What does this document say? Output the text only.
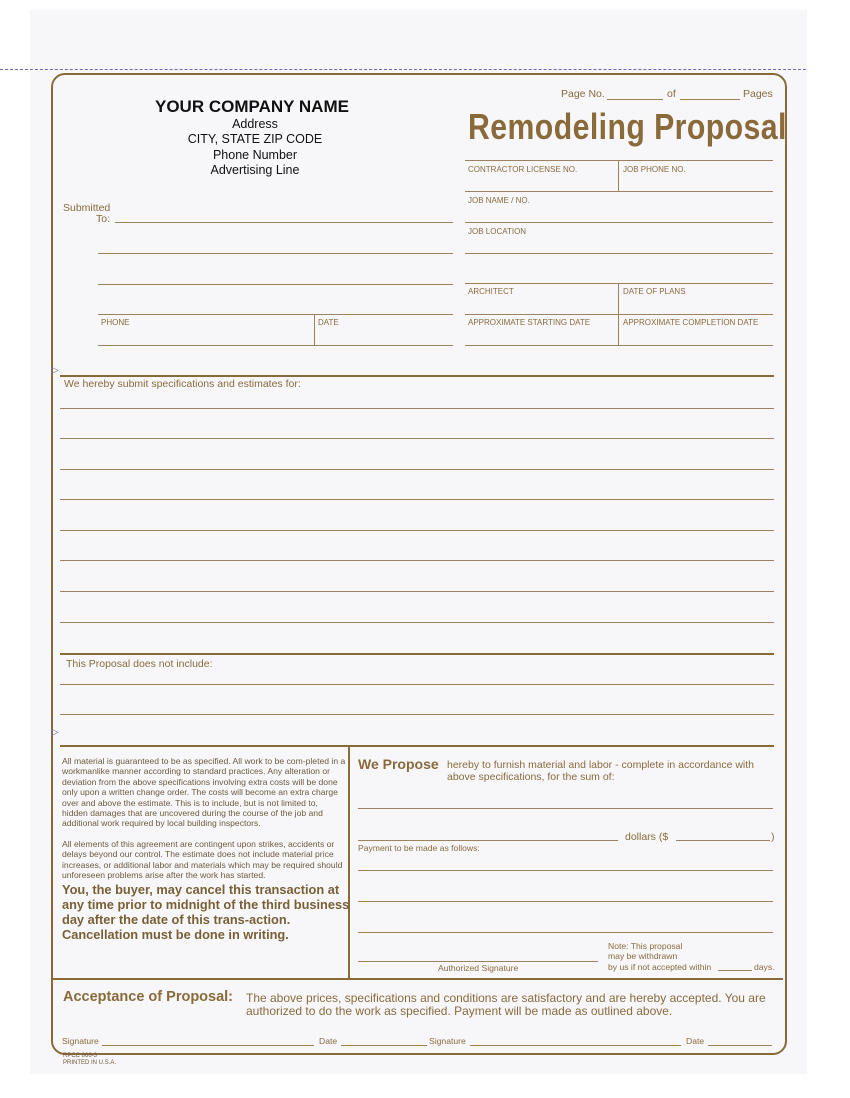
YOUR COMPANY NAME
Address
CITY, STATE ZIP CODE
Phone Number
Advertising Line
Page No.	of	Pages
Remodeling Proposal
CONTRACTOR LICENSE NO.	JOB PHONE NO.
JOB NAME / NO.
JOB LOCATION
ARCHITECT	DATE OF PLANS
APPROXIMATE STARTING DATE	APPROXIMATE COMPLETION DATE
Submitted
To:
PHONE	DATE
▷
We hereby submit specifications and estimates for:
This Proposal does not include:
▷
All material is guaranteed to be as specified. All work to be com-pleted in a workmanlike manner according to standard practices. Any alteration or deviation from the above specifications involving extra costs will be done only upon a written change order. The costs will become an extra charge over and above the estimate. This is to include, but is not limited to, hidden damages that are uncovered during the course of the job and additional work required by local building inspectors.
All elements of this agreement are contingent upon strikes, accidents or delays beyond our control. The estimate does not include material price increases, or additional labor and materials which may be required should unforeseen problems arise after the work has started.
You, the buyer, may cancel this transaction at any time prior to midnight of the third business day after the date of this trans-action. Cancellation must be done in writing.
We Propose hereby to furnish material and labor - complete in accordance with
above specifications, for the sum of:
dollars ($	)
Payment to be made as follows:
Authorized Signature
Note: This proposal
may be withdrawn
by us if not accepted within	days.
Acceptance of Proposal: The above prices, specifications and conditions are satisfactory and are hereby accepted. You are
authorized to do the work as specified. Payment will be made as outlined above.
Signature	Date	Signature	Date
RPCC 866-3
PRINTED IN U.S.A.
